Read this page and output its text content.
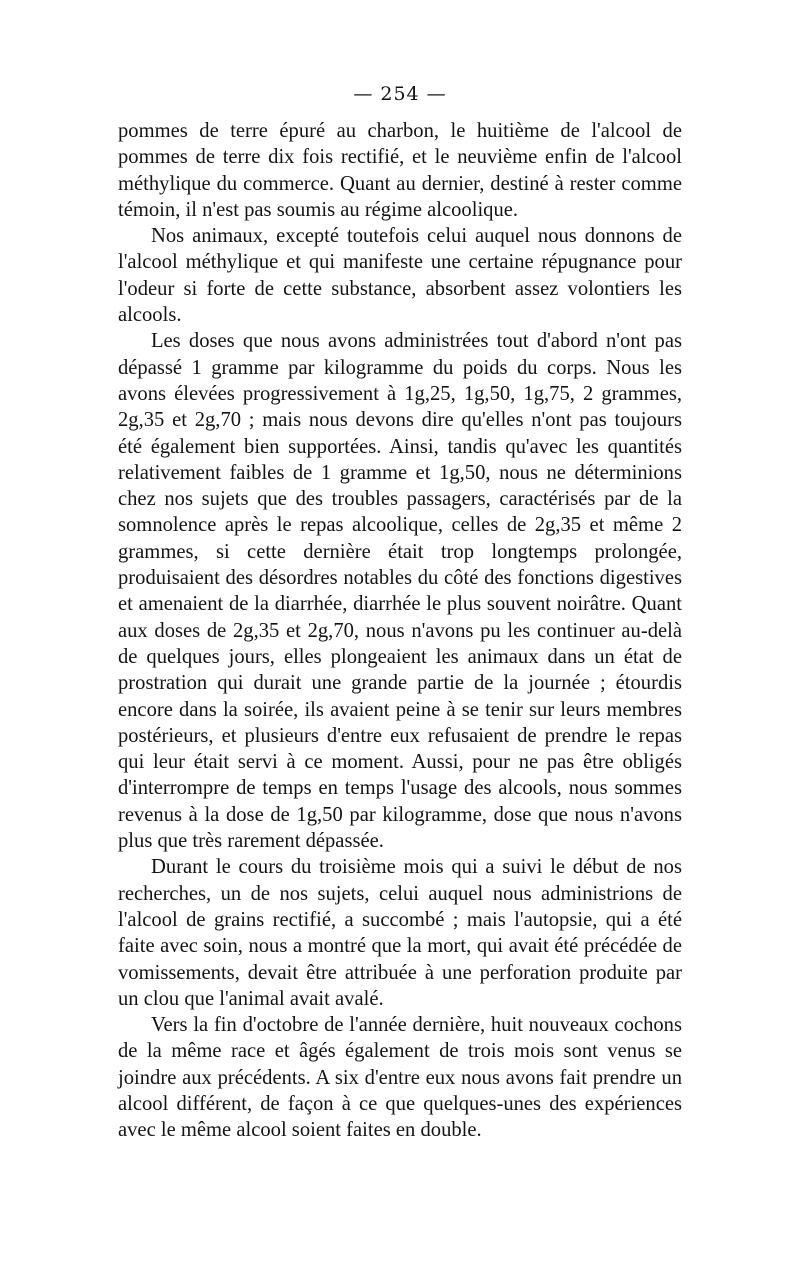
— 254 —

pommes de terre épuré au charbon, le huitième de l'alcool de pommes de terre dix fois rectifié, et le neuvième enfin de l'alcool méthylique du commerce. Quant au dernier, destiné à rester comme témoin, il n'est pas soumis au régime alcoolique.

Nos animaux, excepté toutefois celui auquel nous donnons de l'alcool méthylique et qui manifeste une certaine répugnance pour l'odeur si forte de cette substance, absorbent assez volontiers les alcools.

Les doses que nous avons administrées tout d'abord n'ont pas dépassé 1 gramme par kilogramme du poids du corps. Nous les avons élevées progressivement à 1g,25, 1g,50, 1g,75, 2 grammes, 2g,35 et 2g,70 ; mais nous devons dire qu'elles n'ont pas toujours été également bien supportées. Ainsi, tandis qu'avec les quantités relativement faibles de 1 gramme et 1g,50, nous ne déterminions chez nos sujets que des troubles passagers, caractérisés par de la somnolence après le repas alcoolique, celles de 2g,35 et même 2 grammes, si cette dernière était trop longtemps prolongée, produisaient des désordres notables du côté des fonctions digestives et amenaient de la diarrhée, diarrhée le plus souvent noirâtre. Quant aux doses de 2g,35 et 2g,70, nous n'avons pu les continuer au-delà de quelques jours, elles plongeaient les animaux dans un état de prostration qui durait une grande partie de la journée ; étourdis encore dans la soirée, ils avaient peine à se tenir sur leurs membres postérieurs, et plusieurs d'entre eux refusaient de prendre le repas qui leur était servi à ce moment. Aussi, pour ne pas être obligés d'interrompre de temps en temps l'usage des alcools, nous sommes revenus à la dose de 1g,50 par kilogramme, dose que nous n'avons plus que très rarement dépassée.

Durant le cours du troisième mois qui a suivi le début de nos recherches, un de nos sujets, celui auquel nous administrions de l'alcool de grains rectifié, a succombé ; mais l'autopsie, qui a été faite avec soin, nous a montré que la mort, qui avait été précédée de vomissements, devait être attribuée à une perforation produite par un clou que l'animal avait avalé.

Vers la fin d'octobre de l'année dernière, huit nouveaux cochons de la même race et âgés également de trois mois sont venus se joindre aux précédents. A six d'entre eux nous avons fait prendre un alcool différent, de façon à ce que quelques-unes des expériences avec le même alcool soient faites en double.
